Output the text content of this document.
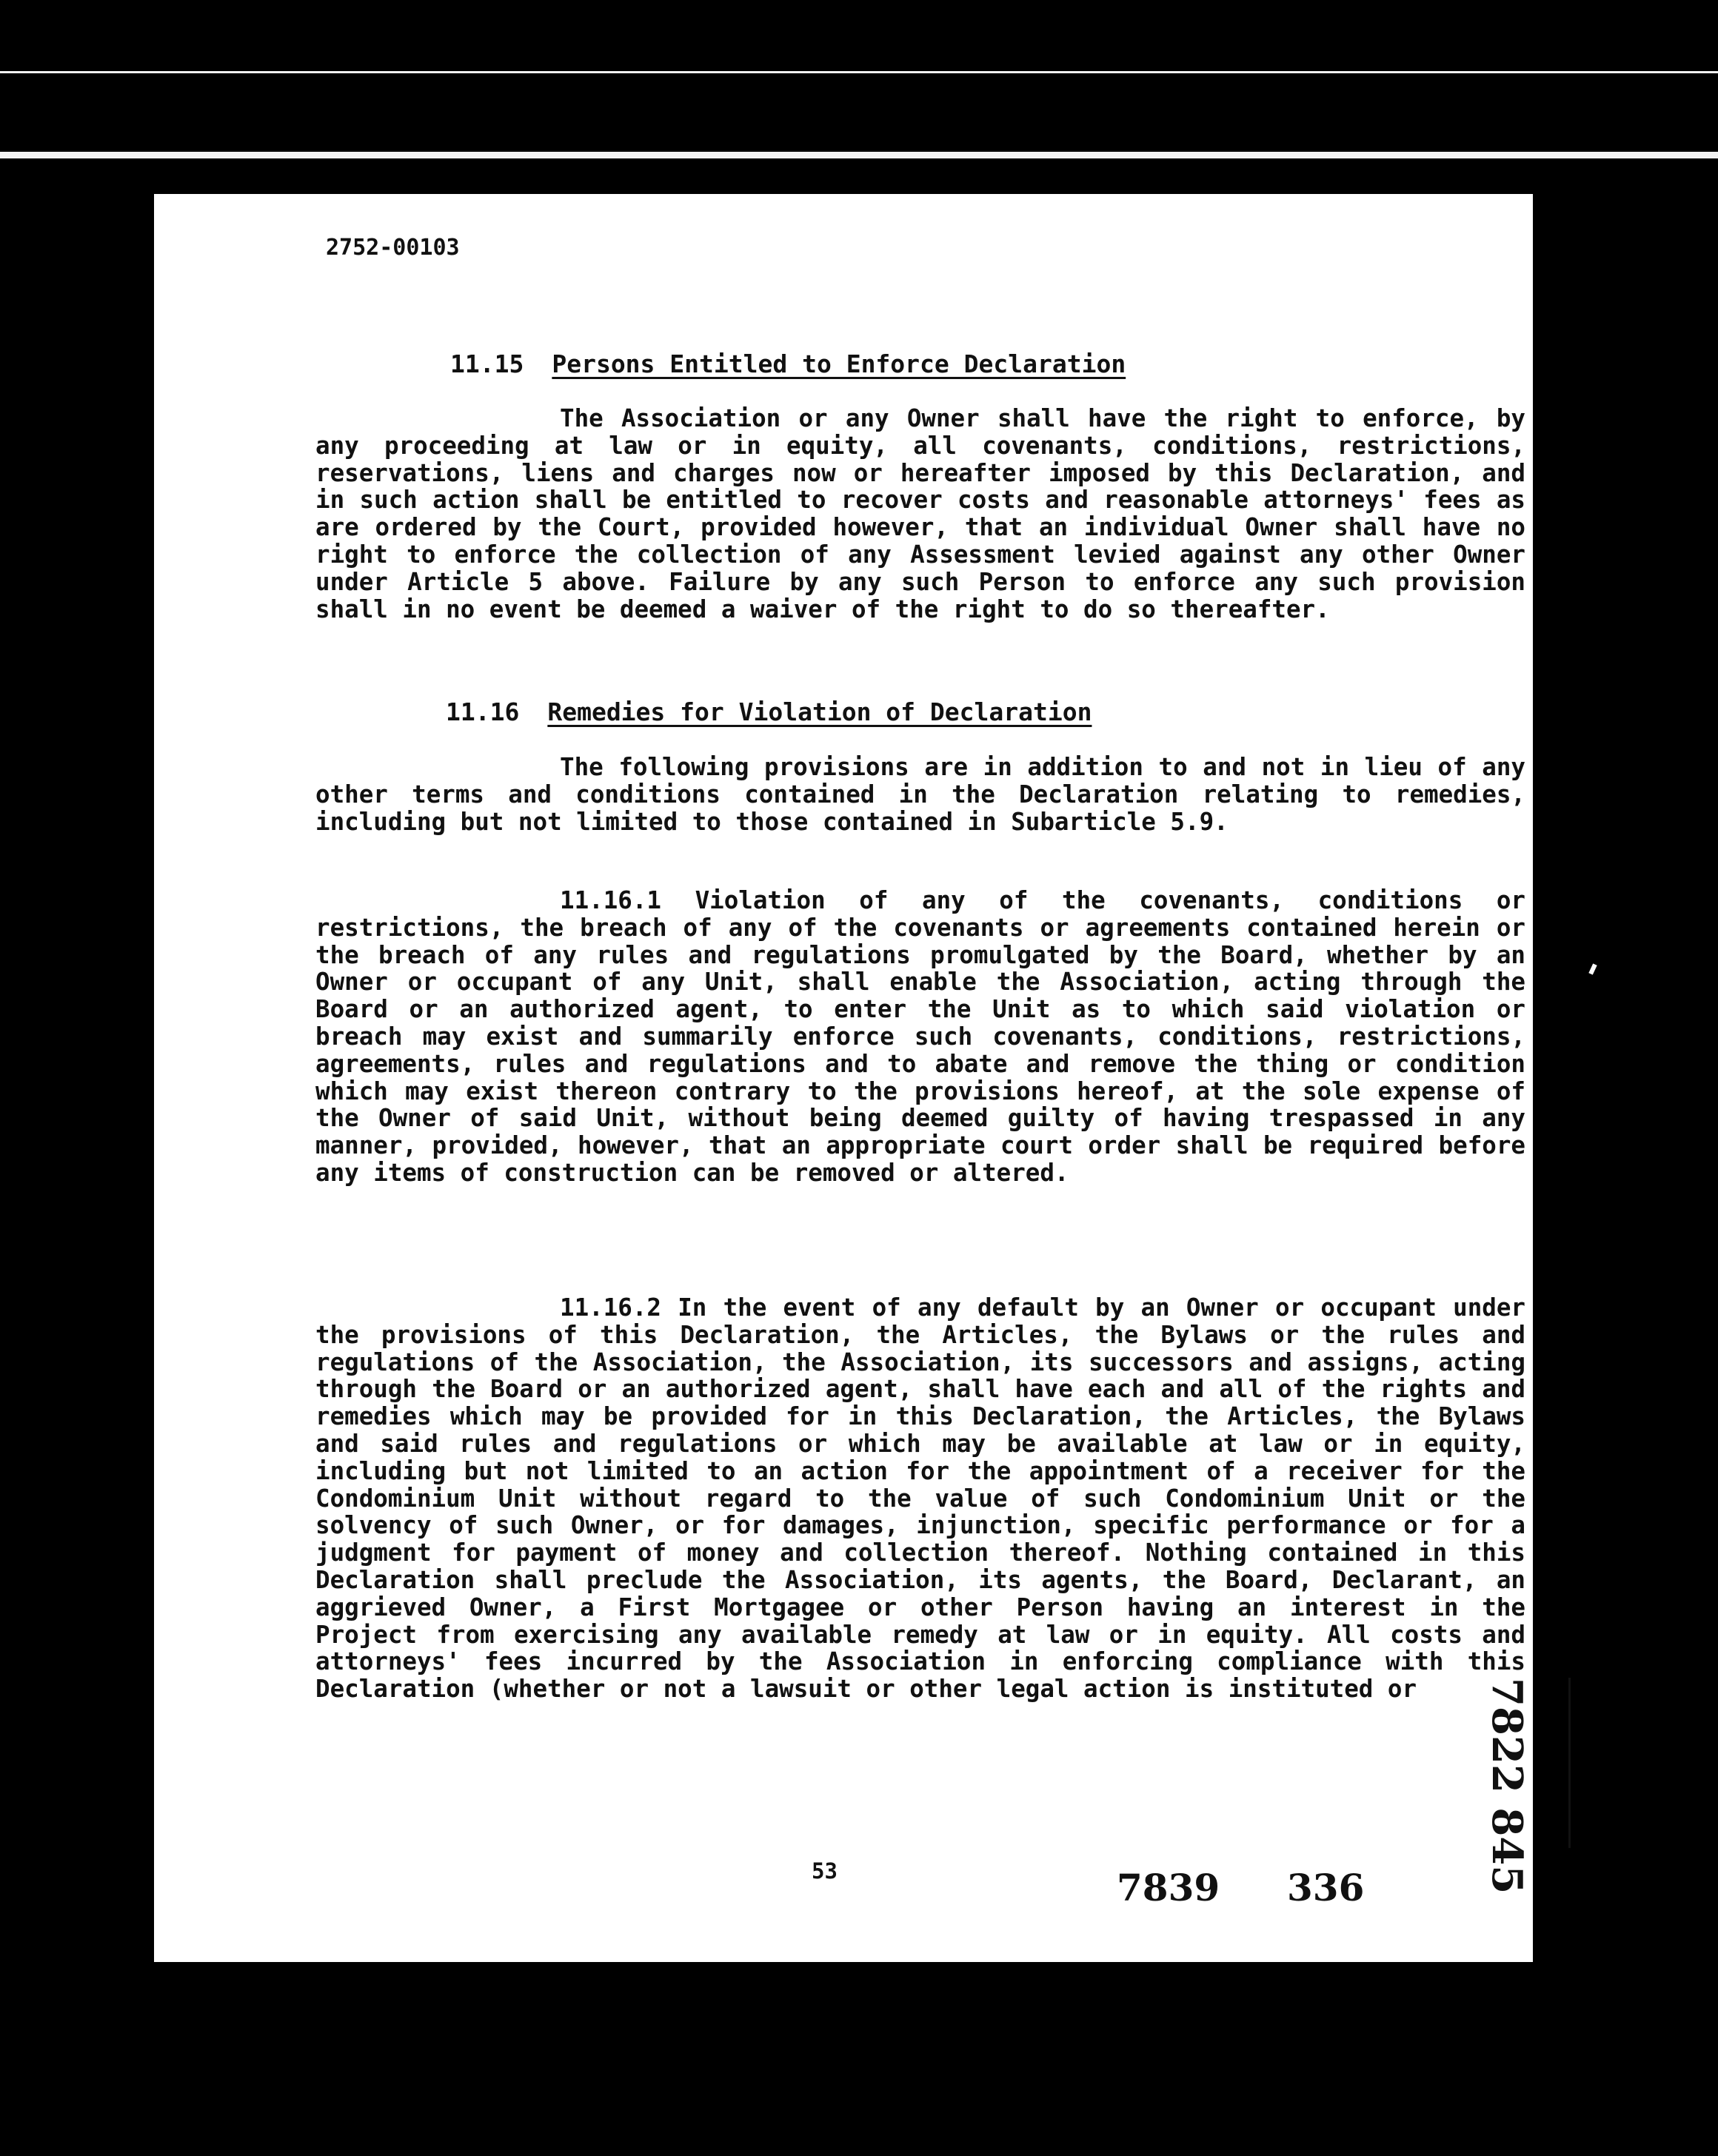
2752-00103
11.15 Persons Entitled to Enforce Declaration

The Association or any Owner shall have the right to enforce, by any proceeding at law or in equity, all covenants, conditions, restrictions, reservations, liens and charges now or hereafter imposed by this Declaration, and in such action shall be entitled to recover costs and reasonable attorneys' fees as are ordered by the Court, provided however, that an individual Owner shall have no right to enforce the collection of any Assessment levied against any other Owner under Article 5 above. Failure by any such Person to enforce any such provision shall in no event be deemed a waiver of the right to do so thereafter.

11.16 Remedies for Violation of Declaration

The following provisions are in addition to and not in lieu of any other terms and conditions contained in the Declaration relating to remedies, including but not limited to those contained in Subarticle 5.9.

11.16.1 Violation of any of the covenants, conditions or restrictions, the breach of any of the covenants or agreements contained herein or the breach of any rules and regulations promulgated by the Board, whether by an Owner or occupant of any Unit, shall enable the Association, acting through the Board or an authorized agent, to enter the Unit as to which said violation or breach may exist and summarily enforce such covenants, conditions, restrictions, agreements, rules and regulations and to abate and remove the thing or condition which may exist thereon contrary to the provisions hereof, at the sole expense of the Owner of said Unit, without being deemed guilty of having trespassed in any manner, provided, however, that an appropriate court order shall be required before any items of construction can be removed or altered.

11.16.2 In the event of any default by an Owner or occupant under the provisions of this Declaration, the Articles, the Bylaws or the rules and regulations of the Association, the Association, its successors and assigns, acting through the Board or an authorized agent, shall have each and all of the rights and remedies which may be provided for in this Declaration, the Articles, the Bylaws and said rules and regulations or which may be available at law or in equity, including but not limited to an action for the appointment of a receiver for the Condominium Unit without regard to the value of such Condominium Unit or the solvency of such Owner, or for damages, injunction, specific performance or for a judgment for payment of money and collection thereof. Nothing contained in this Declaration shall preclude the Association, its agents, the Board, Declarant, an aggrieved Owner, a First Mortgagee or other Person having an interest in the Project from exercising any available remedy at law or in equity. All costs and attorneys' fees incurred by the Association in enforcing compliance with this Declaration (whether or not a lawsuit or other legal action is instituted or

53	7839 336	7822 845
